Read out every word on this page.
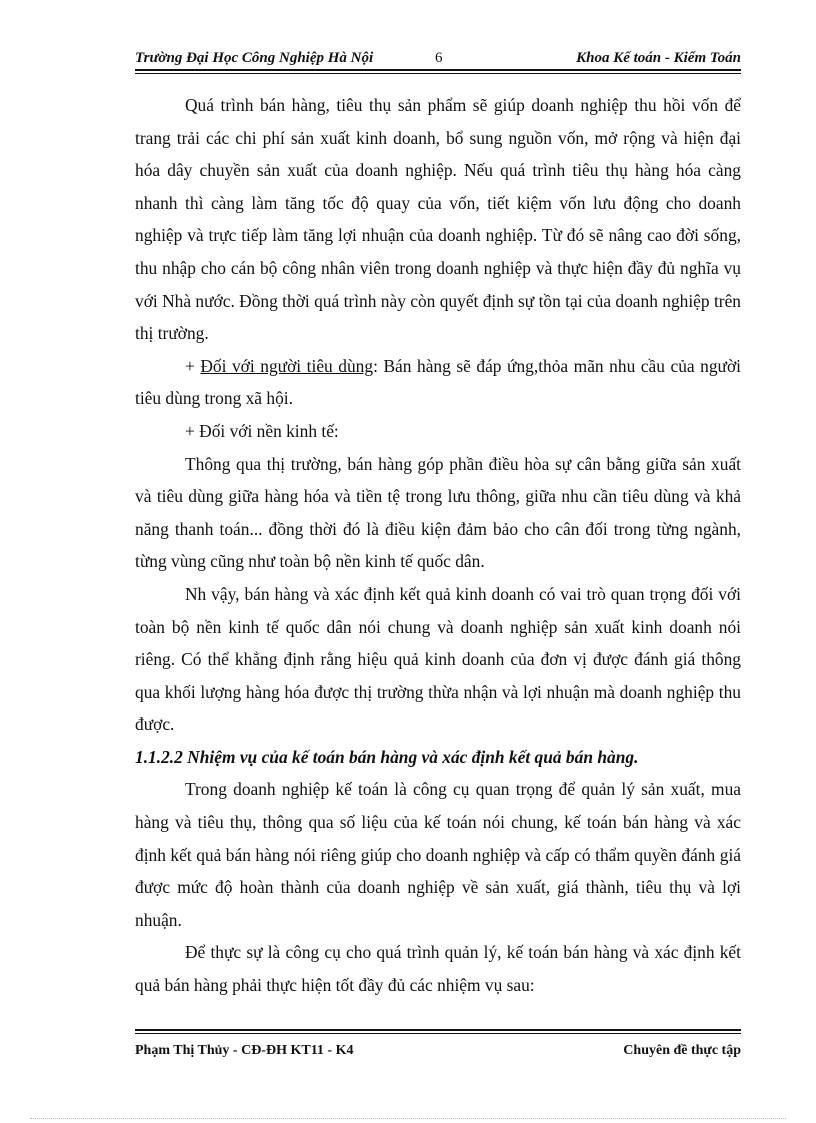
Trường Đại Học Công Nghiệp Hà Nội	6	Khoa Kế toán - Kiểm Toán

Quá trình bán hàng, tiêu thụ sản phẩm sẽ giúp doanh nghiệp thu hồi vốn để trang trải các chi phí sản xuất kinh doanh, bổ sung nguồn vốn, mở rộng và hiện đại hóa dây chuyền sản xuất của doanh nghiệp. Nếu quá trình tiêu thụ hàng hóa càng nhanh thì càng làm tăng tốc độ quay của vốn, tiết kiệm vốn lưu động cho doanh nghiệp và trực tiếp làm tăng lợi nhuận của doanh nghiệp. Từ đó sẽ nâng cao đời sống, thu nhập cho cán bộ công nhân viên trong doanh nghiệp và thực hiện đầy đủ nghĩa vụ với Nhà nước. Đồng thời quá trình này còn quyết định sự tồn tại của doanh nghiệp trên thị trường.

+ Đối với người tiêu dùng: Bán hàng sẽ đáp ứng,thỏa mãn nhu cầu của người tiêu dùng trong xã hội.

+ Đối với nền kinh tế:

Thông qua thị trường, bán hàng góp phần điều hòa sự cân bằng giữa sản xuất và tiêu dùng giữa hàng hóa và tiền tệ trong lưu thông, giữa nhu cần tiêu dùng và khả năng thanh toán... đồng thời đó là điều kiện đảm bảo cho cân đối trong từng ngành, từng vùng cũng như toàn bộ nền kinh tế quốc dân.

Nh vậy, bán hàng và xác định kết quả kinh doanh có vai trò quan trọng đối với toàn bộ nền kinh tế quốc dân nói chung và doanh nghiệp sản xuất kinh doanh nói riêng. Có thể khẳng định rằng hiệu quả kinh doanh của đơn vị được đánh giá thông qua khối lượng hàng hóa được thị trường thừa nhận và lợi nhuận mà doanh nghiệp thu được.

1.1.2.2 Nhiệm vụ của kế toán bán hàng và xác định kết quả bán hàng.

Trong doanh nghiệp kế toán là công cụ quan trọng để quản lý sản xuất, mua hàng và tiêu thụ, thông qua số liệu của kế toán nói chung, kế toán bán hàng và xác định kết quả bán hàng nói riêng giúp cho doanh nghiệp và cấp có thẩm quyền đánh giá được mức độ hoàn thành của doanh nghiệp về sản xuất, giá thành, tiêu thụ và lợi nhuận.

Để thực sự là công cụ cho quá trình quản lý, kế toán bán hàng và xác định kết quả bán hàng phải thực hiện tốt đầy đủ các nhiệm vụ sau:

Phạm Thị Thủy - CĐ-ĐH KT11 - K4	Chuyên đề thực tập
